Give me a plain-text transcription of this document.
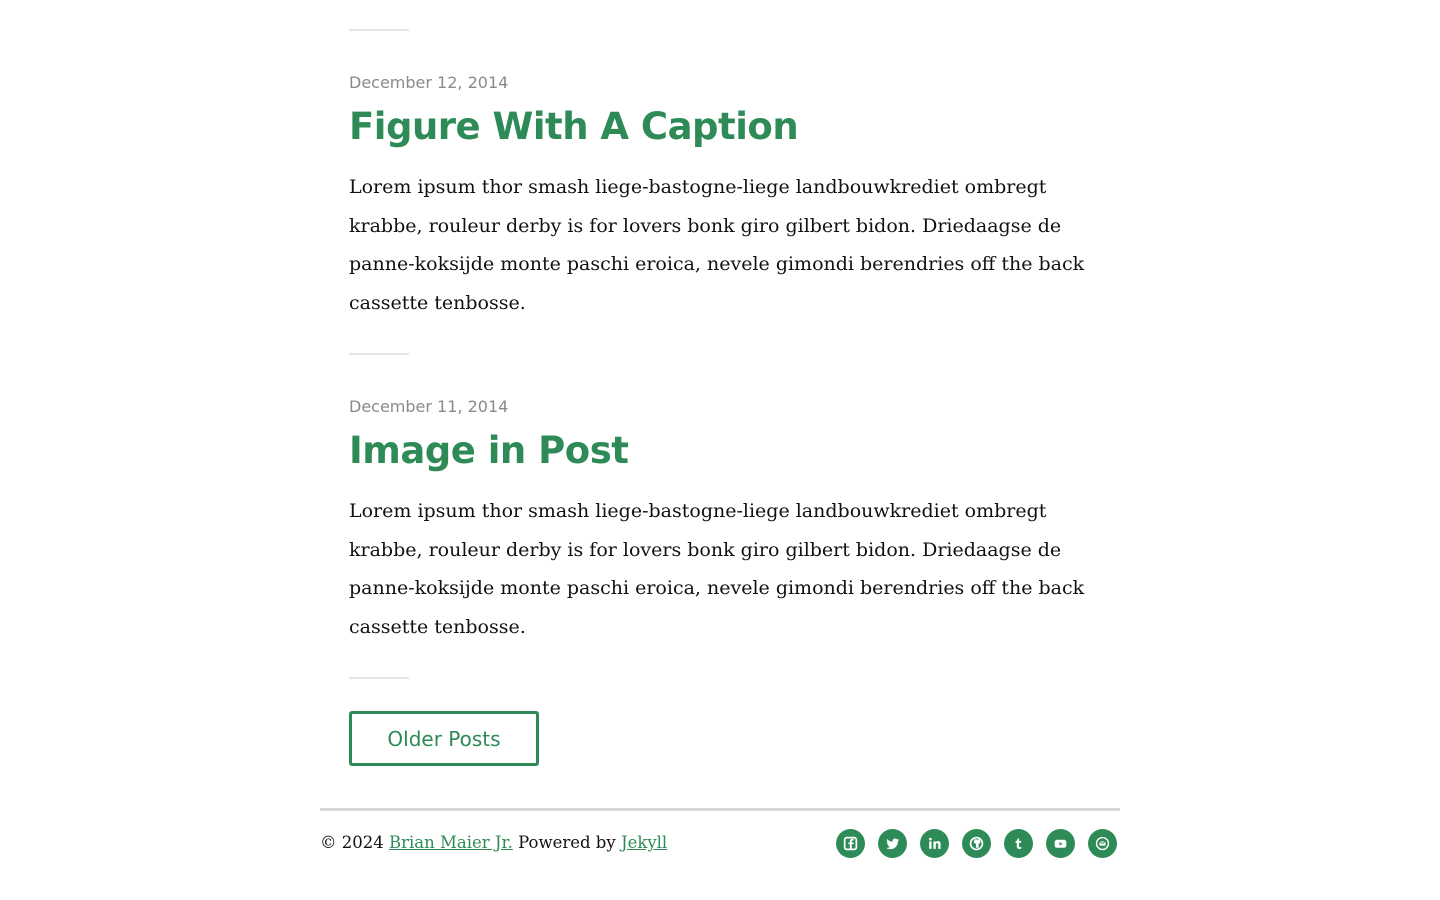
December 12, 2014
Figure With A Caption

Lorem ipsum thor smash liege-bastogne-liege landbouwkrediet ombregt krabbe, rouleur derby is for lovers bonk giro gilbert bidon. Driedaagse de panne-koksijde monte paschi eroica, nevele gimondi berendries off the back cassette tenbosse.

December 11, 2014
Image in Post

Lorem ipsum thor smash liege-bastogne-liege landbouwkrediet ombregt krabbe, rouleur derby is for lovers bonk giro gilbert bidon. Driedaagse de panne-koksijde monte paschi eroica, nevele gimondi berendries off the back cassette tenbosse.

Older Posts
© 2024 Brian Maier Jr. Powered by Jekyll
